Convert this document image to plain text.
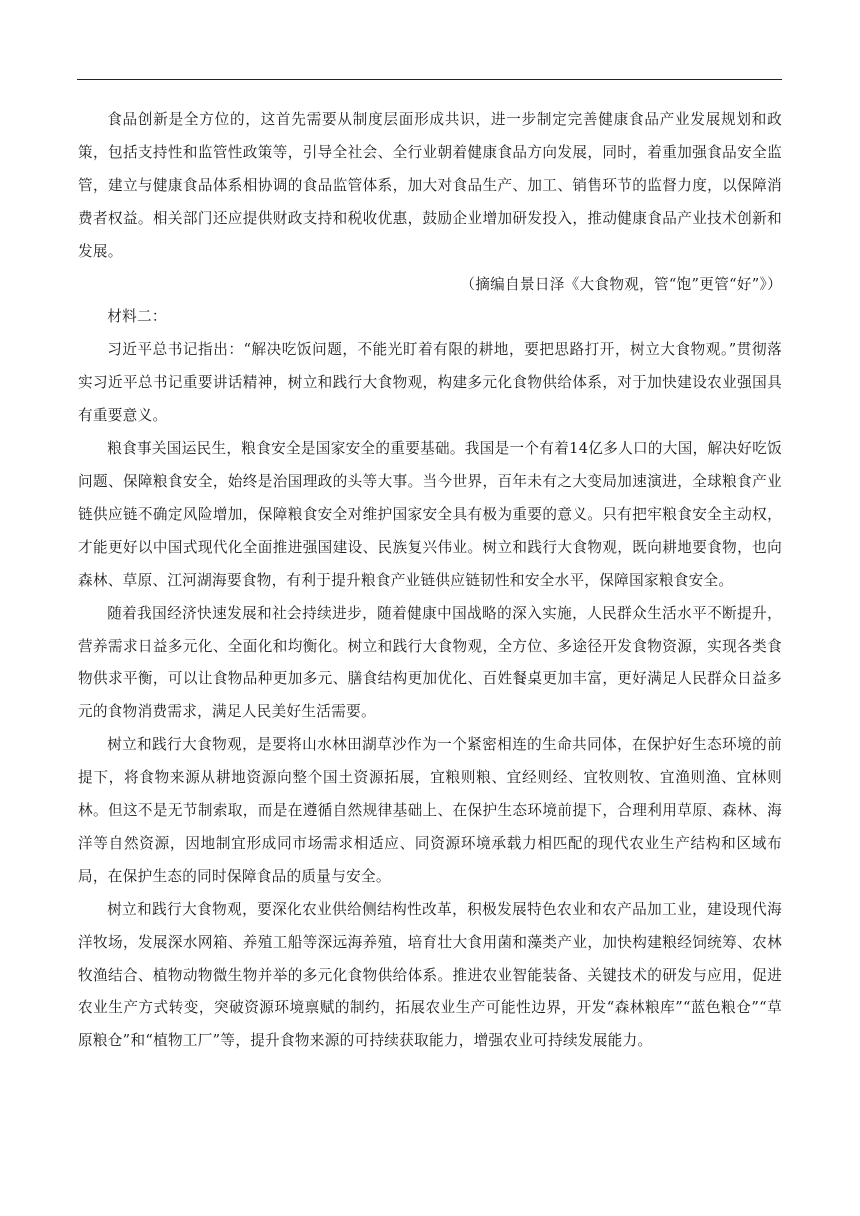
食品创新是全方位的，这首先需要从制度层面形成共识，进一步制定完善健康食品产业发展规划和政策，包括支持性和监管性政策等，引导全社会、全行业朝着健康食品方向发展，同时，着重加强食品安全监管，建立与健康食品体系相协调的食品监管体系，加大对食品生产、加工、销售环节的监督力度，以保障消费者权益。相关部门还应提供财政支持和税收优惠，鼓励企业增加研发投入，推动健康食品产业技术创新和发展。

（摘编自景日泽《大食物观，管“饱”更管“好”》）

材料二：

习近平总书记指出：“解决吃饭问题，不能光盯着有限的耕地，要把思路打开，树立大食物观。”贯彻落实习近平总书记重要讲话精神，树立和践行大食物观，构建多元化食物供给体系，对于加快建设农业强国具有重要意义。

粮食事关国运民生，粮食安全是国家安全的重要基础。我国是一个有着14亿多人口的大国，解决好吃饭问题、保障粮食安全，始终是治国理政的头等大事。当今世界，百年未有之大变局加速演进，全球粮食产业链供应链不确定风险增加，保障粮食安全对维护国家安全具有极为重要的意义。只有把牢粮食安全主动权，才能更好以中国式现代化全面推进强国建设、民族复兴伟业。树立和践行大食物观，既向耕地要食物，也向森林、草原、江河湖海要食物，有利于提升粮食产业链供应链韧性和安全水平，保障国家粮食安全。

随着我国经济快速发展和社会持续进步，随着健康中国战略的深入实施，人民群众生活水平不断提升，营养需求日益多元化、全面化和均衡化。树立和践行大食物观，全方位、多途径开发食物资源，实现各类食物供求平衡，可以让食物品种更加多元、膳食结构更加优化、百姓餐桌更加丰富，更好满足人民群众日益多元的食物消费需求，满足人民美好生活需要。

树立和践行大食物观，是要将山水林田湖草沙作为一个紧密相连的生命共同体，在保护好生态环境的前提下，将食物来源从耕地资源向整个国土资源拓展，宜粮则粮、宜经则经、宜牧则牧、宜渔则渔、宜林则林。但这不是无节制索取，而是在遵循自然规律基础上、在保护生态环境前提下，合理利用草原、森林、海洋等自然资源，因地制宜形成同市场需求相适应、同资源环境承载力相匹配的现代农业生产结构和区域布局，在保护生态的同时保障食品的质量与安全。

树立和践行大食物观，要深化农业供给侧结构性改革，积极发展特色农业和农产品加工业，建设现代海洋牧场，发展深水网箱、养殖工船等深远海养殖，培育壮大食用菌和藻类产业，加快构建粮经饲统筹、农林牧渔结合、植物动物微生物并举的多元化食物供给体系。推进农业智能装备、关键技术的研发与应用，促进农业生产方式转变，突破资源环境禀赋的制约，拓展农业生产可能性边界，开发“森林粮库”“蓝色粮仓”“草原粮仓”和“植物工厂”等，提升食物来源的可持续获取能力，增强农业可持续发展能力。
